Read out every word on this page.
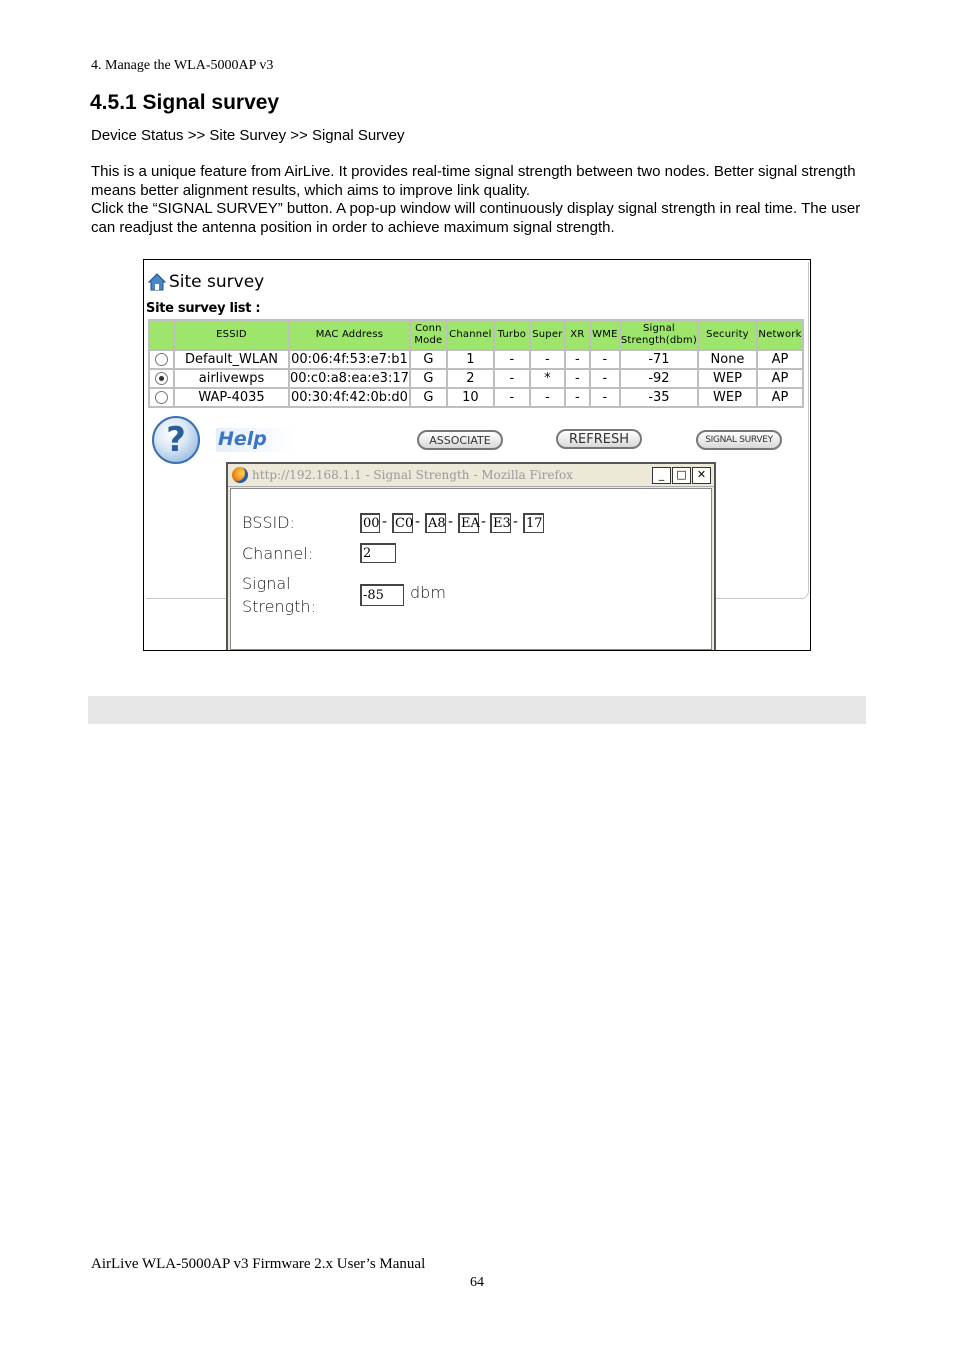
4. Manage the WLA-5000AP v3
4.5.1 Signal survey
Device Status >> Site Survey >> Signal Survey

This is a unique feature from AirLive. It provides real-time signal strength between two nodes. Better signal strength means better alignment results, which aims to improve link quality.

Click the “SIGNAL SURVEY” button. A pop-up window will continuously display signal strength in real time. The user can readjust the antenna position in order to achieve maximum signal strength.

Site survey
Site survey list :
	ESSID	MAC Address	Conn Mode	Channel	Turbo	Super	XR	WME	Signal Strength(dbm)	Security	Network
	Default_WLAN	00:06:4f:53:e7:b1	G	1	-	-	-	-	-71	None	AP
	airlivewps	00:c0:a8:ea:e3:17	G	2	-	*	-	-	-92	WEP	AP
	WAP-4035	00:30:4f:42:0b:d0	G	10	-	-	-	-	-35	WEP	AP
?	Help	ASSOCIATE	REFRESH	SIGNAL SURVEY
http://192.168.1.1 - Signal Strength - Mozilla Firefox	_	□ ✕
BSSID:	00 - C0 - A8 - EA - E3 - 17
Channel:	2
Signal
Strength:
-85	dbm
AirLive WLA-5000AP v3 Firmware 2.x User’s Manual
64
